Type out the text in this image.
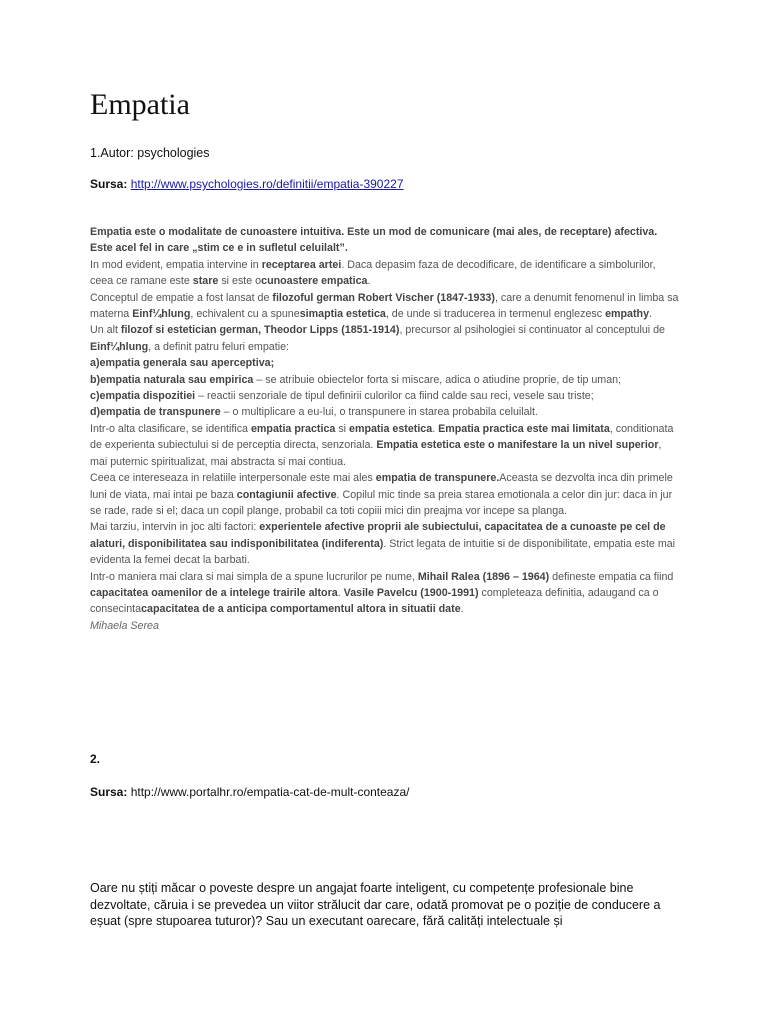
Empatia
1.Autor: psychologies
Sursa: http://www.psychologies.ro/definitii/empatia-390227

Empatia este o modalitate de cunoastere intuitiva. Este un mod de comunicare (mai ales, de receptare) afectiva. Este acel fel in care „stim ce e in sufletul celuilalt”.

In mod evident, empatia intervine in receptarea artei. Daca depasim faza de decodificare, de identificare a simbolurilor, ceea ce ramane este stare si este ocunoastere empatica.

Conceptul de empatie a fost lansat de filozoful german Robert Vischer (1847-1933), care a denumit fenomenul in limba sa materna Einf¼hlung, echivalent cu a spunesimaptia estetica, de unde si traducerea in termenul englezesc empathy.

Un alt filozof si estetician german, Theodor Lipps (1851-1914), precursor al psihologiei si continuator al conceptului de Einf¼hlung, a definit patru feluri empatie:

a)empatia generala sau aperceptiva;

b)empatia naturala sau empirica – se atribuie obiectelor forta si miscare, adica o atiudine proprie, de tip uman;

c)empatia dispozitiei – reactii senzoriale de tipul definirii culorilor ca fiind calde sau reci, vesele sau triste;

d)empatia de transpunere – o multiplicare a eu-lui, o transpunere in starea probabila celuilalt.

Intr-o alta clasificare, se identifica empatia practica si empatia estetica. Empatia practica este mai limitata, conditionata de experienta subiectului si de perceptia directa, senzoriala. Empatia estetica este o manifestare la un nivel superior, mai puternic spiritualizat, mai abstracta si mai contiua.

Ceea ce intereseaza in relatiile interpersonale este mai ales empatia de transpunere.Aceasta se dezvolta inca din primele luni de viata, mai intai pe baza contagiunii afective. Copilul mic tinde sa preia starea emotionala a celor din jur: daca in jur se rade, rade si el; daca un copil plange, probabil ca toti copiii mici din preajma vor incepe sa planga.

Mai tarziu, intervin in joc alti factori: experientele afective proprii ale subiectului, capacitatea de a cunoaste pe cel de alaturi, disponibilitatea sau indisponibilitatea (indiferenta). Strict legata de intuitie si de disponibilitate, empatia este mai evidenta la femei decat la barbati.

Intr-o maniera mai clara si mai simpla de a spune lucrurilor pe nume, Mihail Ralea (1896 – 1964) defineste empatia ca fiind capacitatea oamenilor de a intelege trairile altora. Vasile Pavelcu (1900-1991) completeaza definitia, adaugand ca o consecintacapacitatea de a anticipa comportamentul altora in situatii date.

Mihaela Serea

2.
Sursa: http://www.portalhr.ro/empatia-cat-de-mult-conteaza/

Oare nu știți măcar o poveste despre un angajat foarte inteligent, cu competențe profesionale bine dezvoltate, căruia i se prevedea un viitor strălucit dar care, odată promovat pe o poziție de conducere a eșuat (spre stupoarea tuturor)? Sau un executant oarecare, fără calități intelectuale și
